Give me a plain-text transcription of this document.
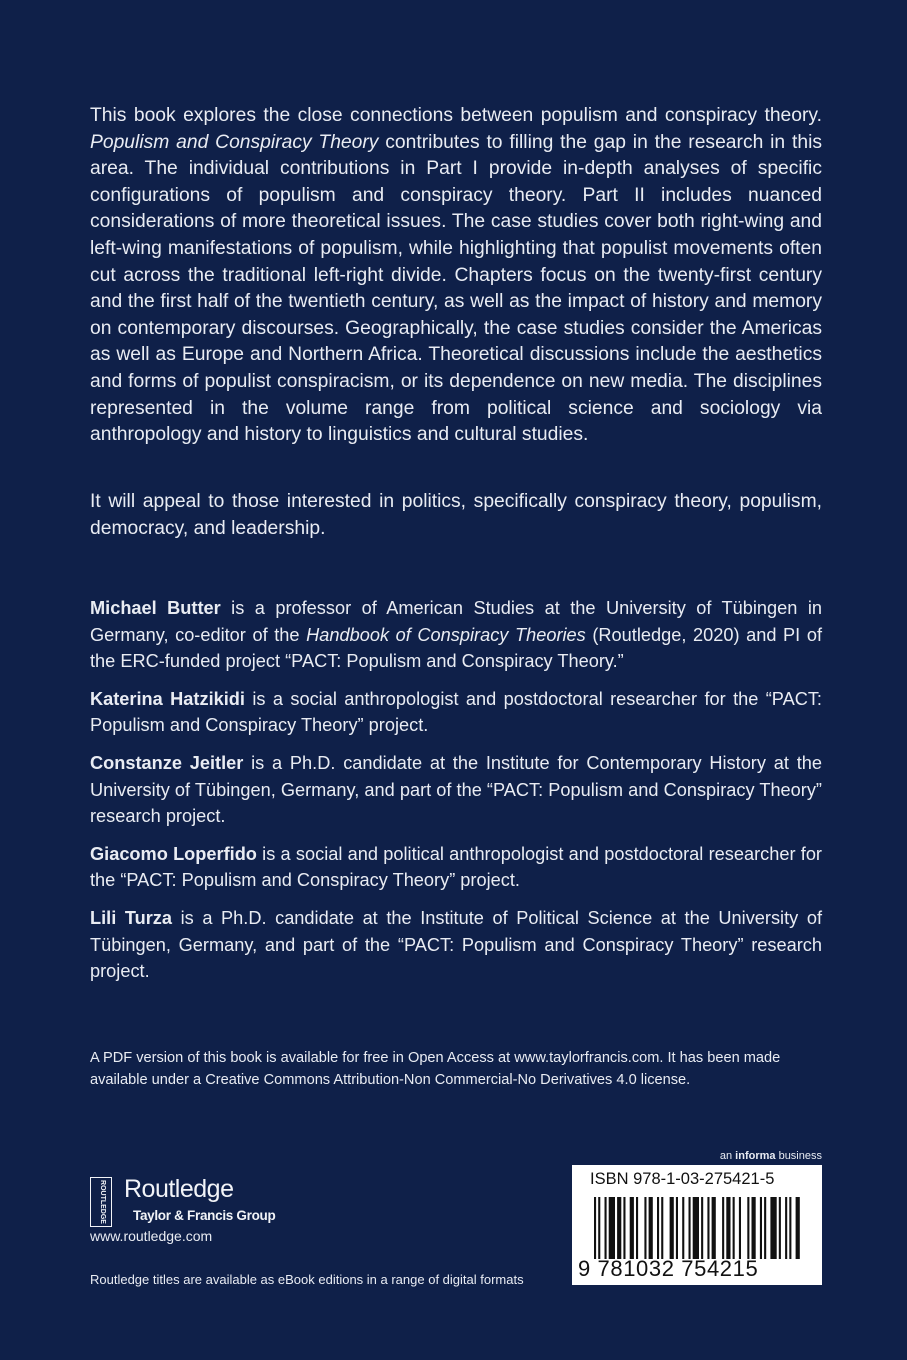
This book explores the close connections between populism and conspiracy theory. Populism and Conspiracy Theory contributes to filling the gap in the research in this area. The individual contributions in Part I provide in-depth analyses of specific configurations of populism and conspiracy theory. Part II includes nuanced considerations of more theoretical issues. The case studies cover both right-wing and left-wing manifestations of populism, while highlighting that populist movements often cut across the traditional left-right divide. Chapters focus on the twenty-first century and the first half of the twentieth century, as well as the impact of history and memory on contemporary discourses. Geographically, the case studies consider the Americas as well as Europe and Northern Africa. Theoretical discussions include the aesthetics and forms of populist conspiracism, or its dependence on new media. The disciplines represented in the volume range from political science and sociology via anthropology and history to linguistics and cultural studies.

It will appeal to those interested in politics, specifically conspiracy theory, populism, democracy, and leadership.

Michael Butter is a professor of American Studies at the University of Tübingen in Germany, co-editor of the Handbook of Conspiracy Theories (Routledge, 2020) and PI of the ERC-funded project “PACT: Populism and Conspiracy Theory.”

Katerina Hatzikidi is a social anthropologist and postdoctoral researcher for the “PACT: Populism and Conspiracy Theory” project.

Constanze Jeitler is a Ph.D. candidate at the Institute for Contemporary History at the University of Tübingen, Germany, and part of the “PACT: Populism and Conspiracy Theory” research project.

Giacomo Loperfido is a social and political anthropologist and postdoctoral researcher for the “PACT: Populism and Conspiracy Theory” project.

Lili Turza is a Ph.D. candidate at the Institute of Political Science at the University of Tübingen, Germany, and part of the “PACT: Populism and Conspiracy Theory” research project.

A PDF version of this book is available for free in Open Access at www.taylorfrancis.com. It has been made available under a Creative Commons Attribution-Non Commercial-No Derivatives 4.0 license.

ROUTLEDGE Routledge
Taylor & Francis Group
www.routledge.com
Routledge titles are available as eBook editions in a range of digital formats
an informa business
ISBN 978-1-03-275421-5
9 781032 754215
